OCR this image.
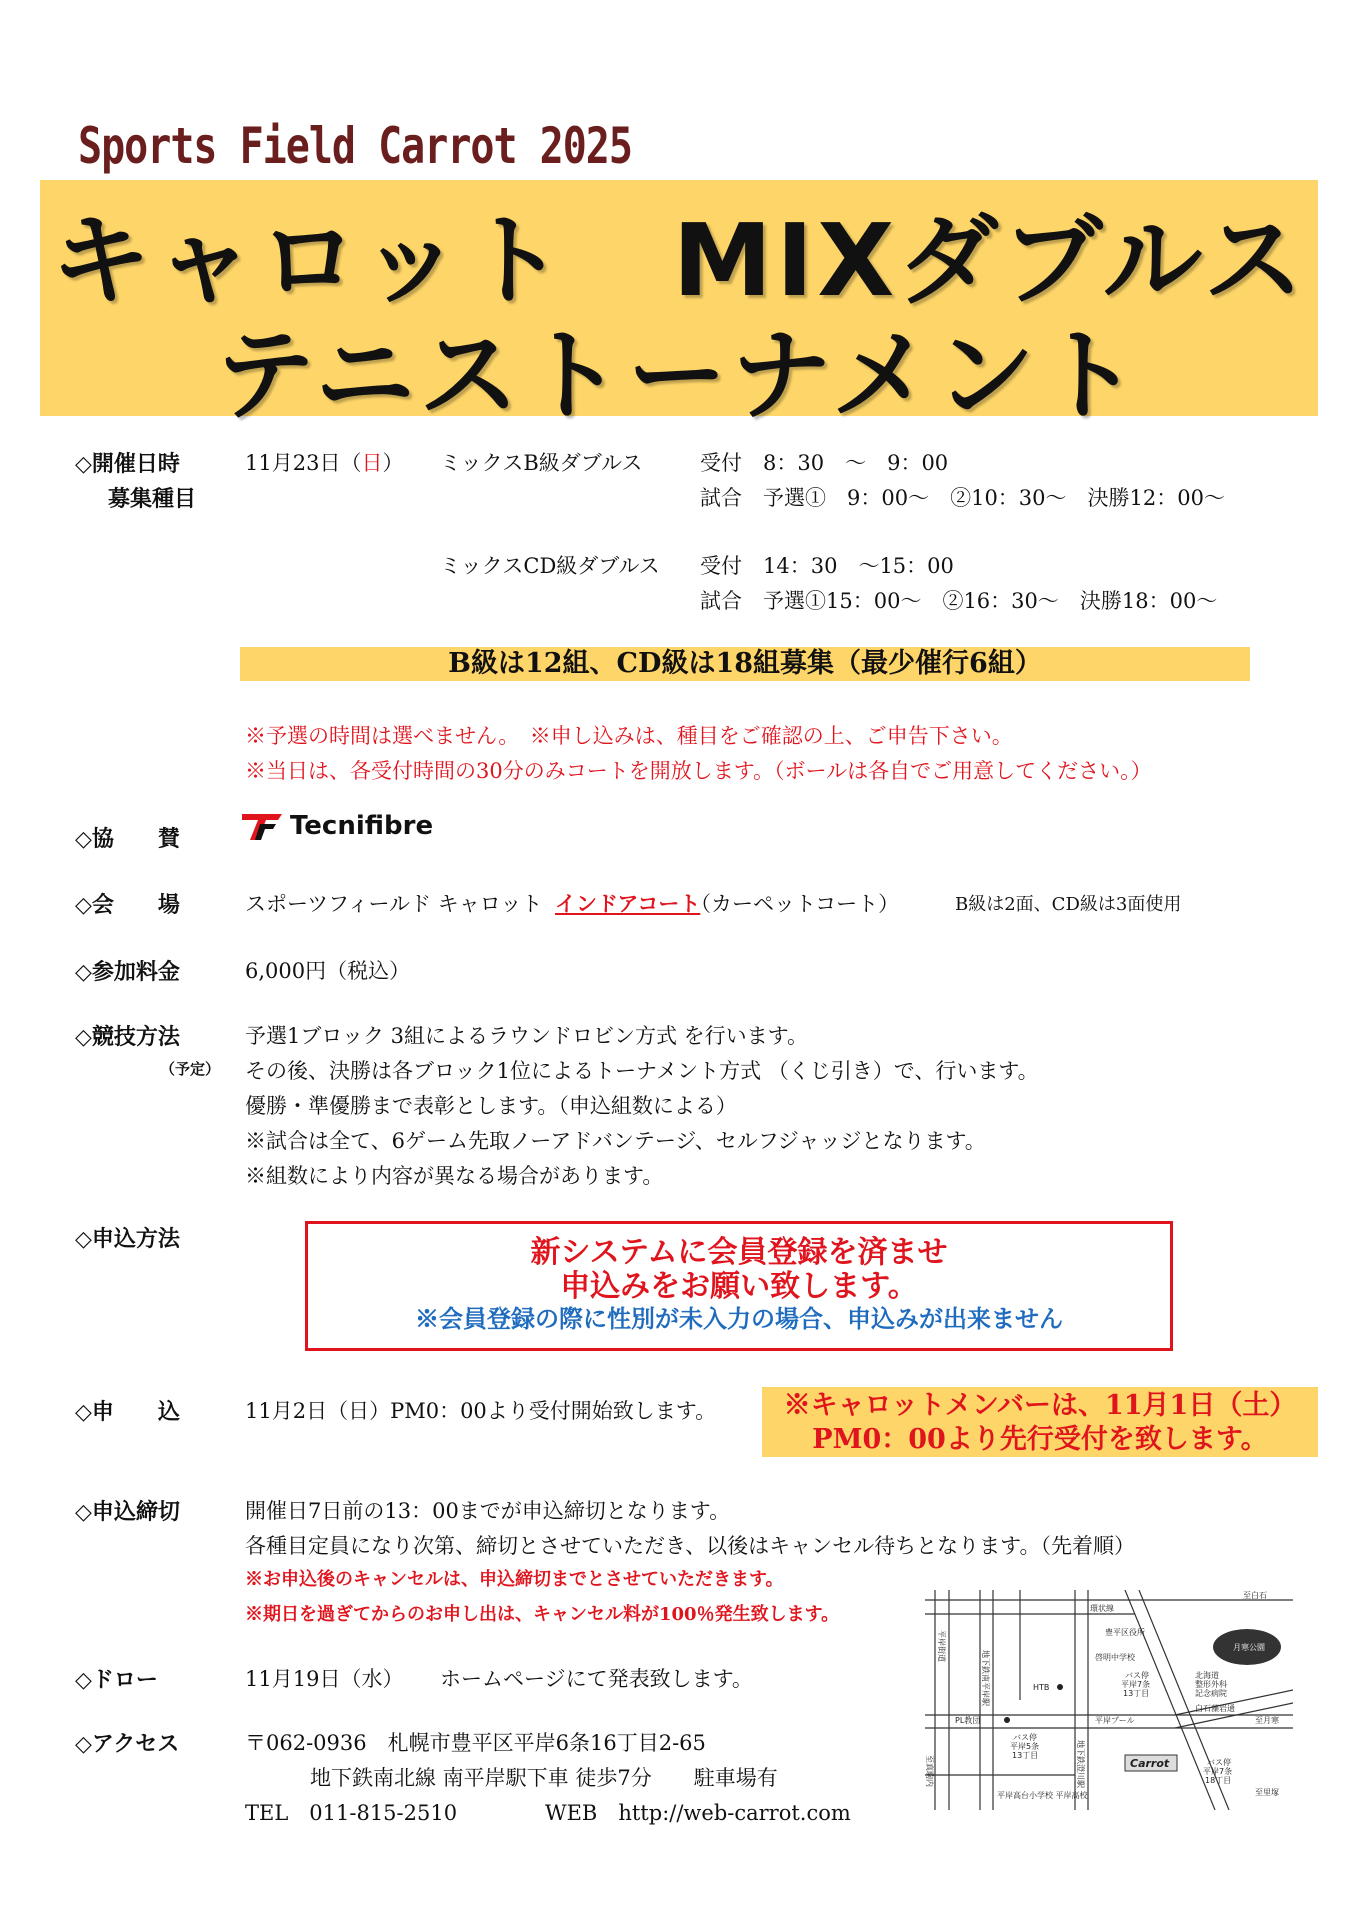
Sports Field Carrot 2025
キャロット　MIXダブルス
テニストーナメント
◇開催日時
募集種目
11月23日（日） ミックスB級ダブルス	受付　8：30　～　9：00
試合　予選①　9：00～　②10：30～　決勝12：00～
ミックスCD級ダブルス 受付　14：30　～15：00
試合　予選①15：00～　②16：30～　決勝18：00～
B級は12組、CD級は18組募集（最少催行6組）
※予選の時間は選べません。　※申し込みは、種目をご確認の上、ご申告下さい。
※当日は、各受付時間の30分のみコートを開放します。（ボールは各自でご用意してください。）
◇協　　賛	Tecnifibre
◇会　　場	スポーツフィールド キャロット インドアコート
（カーペットコート）	B級は2面、CD級は3面使用
◇参加料金	6,000円（税込）
◇競技方法
（予定）
予選1ブロック 3組によるラウンドロビン方式 を行います。
その後、決勝は各ブロック1位によるトーナメント方式 （くじ引き）で、行います。
優勝・準優勝まで表彰とします。（申込組数による）
※試合は全て、6ゲーム先取ノーアドバンテージ、セルフジャッジとなります。
※組数により内容が異なる場合があります。
◇申込方法	新システムに会員登録を済ませ
申込みをお願い致します。
※会員登録の際に性別が未入力の場合、申込みが出来ません
◇申　　込	11月2日（日）PM0：00より受付開始致します。	※キャロットメンバーは、11月1日（土）
PM0：00より先行受付を致します。
◇申込締切	開催日7日前の13：00までが申込締切となります。
各種目定員になり次第、締切とさせていただき、以後はキャンセル待ちとなります。（先着順）
※お申込後のキャンセルは、申込締切までとさせていただきます。
※期日を過ぎてからのお申し出は、キャンセル料が100％発生致します。
◇ドロー	11月19日（水） ホームページにて発表致します。
◇アクセス	〒062-0936　札幌市豊平区平岸6条16丁目2-65
地下鉄南北線 南平岸駅下車 徒歩7分　　駐車場有
TEL　011-815-2510	WEB　http://web-carrot.com
月寒公園
至白石
環状線
豊平区役所
啓明中学校
HTB
バス停
平岸7条
13丁目
北海道
整形外科
記念病院
白石藻岩通
至月寒
PL教団
バス停
平岸5条
13丁目
平岸プール
Carrot	バス停
平岸7条
18丁目
平岸街道
地下鉄南平岸駅
地下鉄澄川駅
至真駒内
平岸高台小学校 平岸高校	至里塚
